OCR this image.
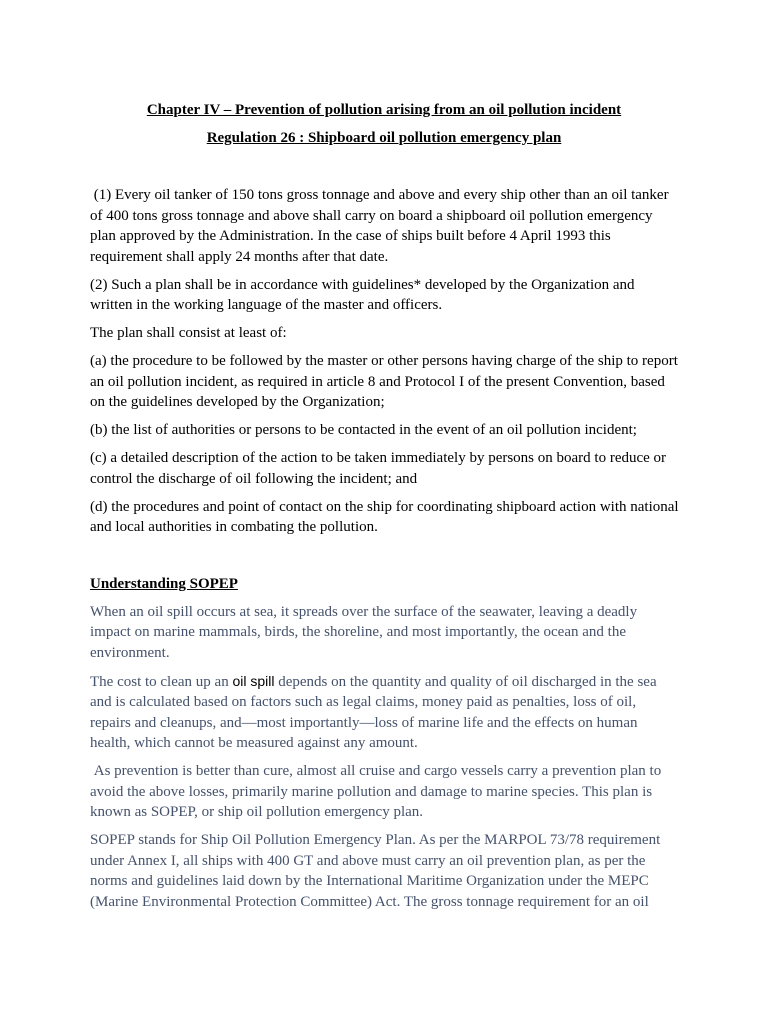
Chapter IV – Prevention of pollution arising from an oil pollution incident
Regulation 26 : Shipboard oil pollution emergency plan

(1) Every oil tanker of 150 tons gross tonnage and above and every ship other than an oil tanker of 400 tons gross tonnage and above shall carry on board a shipboard oil pollution emergency plan approved by the Administration. In the case of ships built before 4 April 1993 this requirement shall apply 24 months after that date.

(2) Such a plan shall be in accordance with guidelines* developed by the Organization and written in the working language of the master and officers.

The plan shall consist at least of:

(a) the procedure to be followed by the master or other persons having charge of the ship to report an oil pollution incident, as required in article 8 and Protocol I of the present Convention, based on the guidelines developed by the Organization;

(b) the list of authorities or persons to be contacted in the event of an oil pollution incident;

(c) a detailed description of the action to be taken immediately by persons on board to reduce or control the discharge of oil following the incident; and

(d) the procedures and point of contact on the ship for coordinating shipboard action with national and local authorities in combating the pollution.

Understanding SOPEP

When an oil spill occurs at sea, it spreads over the surface of the seawater, leaving a deadly impact on marine mammals, birds, the shoreline, and most importantly, the ocean and the environment.

The cost to clean up an oil spill depends on the quantity and quality of oil discharged in the sea and is calculated based on factors such as legal claims, money paid as penalties, loss of oil, repairs and cleanups, and—most importantly—loss of marine life and the effects on human health, which cannot be measured against any amount.

As prevention is better than cure, almost all cruise and cargo vessels carry a prevention plan to avoid the above losses, primarily marine pollution and damage to marine species. This plan is known as SOPEP, or ship oil pollution emergency plan.

SOPEP stands for Ship Oil Pollution Emergency Plan. As per the MARPOL 73/78 requirement under Annex I, all ships with 400 GT and above must carry an oil prevention plan, as per the norms and guidelines laid down by the International Maritime Organization under the MEPC (Marine Environmental Protection Committee) Act. The gross tonnage requirement for an oil
